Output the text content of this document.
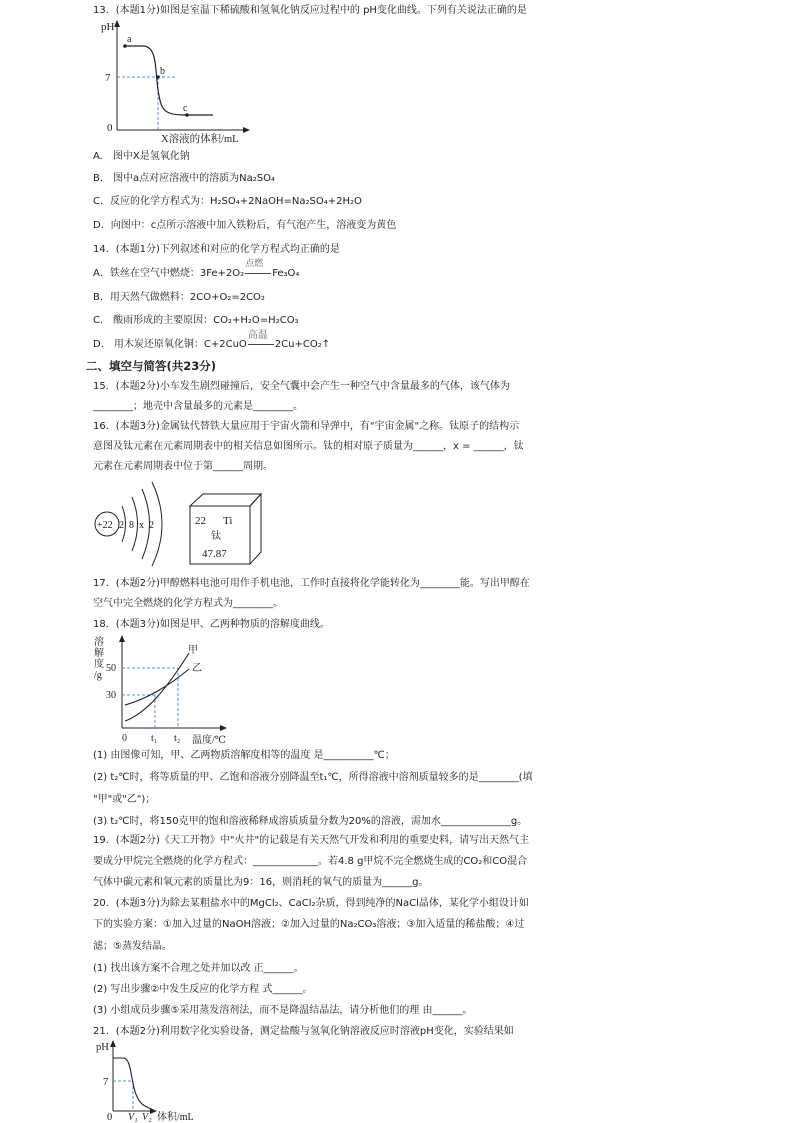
13．(本题1分)如图是室温下稀硫酸和氢氧化钠反应过程中的 pH变化曲线。下列有关说法正确的是
pH
7
0
a
b
c
X溶液的体积/mL
A.　图中X是氢氧化钠
B.　图中a点对应溶液中的溶质为Na₂SO₄
C．反应的化学方程式为：H₂SO₄+2NaOH=Na₂SO₄+2H₂O
D．向图中：c点所示溶液中加入铁粉后，有气泡产生，溶液变为黄色
14．(本题1分)下列叙述和对应的化学方程式均正确的是
A．铁丝在空气中燃烧：3Fe+2O₂
点燃
Fe₃O₄
B．用天然气做燃料：2CO+O₂=2CO₂
C.　酸雨形成的主要原因：CO₂+H₂O=H₂CO₃
D.　用木炭还原氧化铜：C+2CuO
高温
2Cu+CO₂↑
二、填空与简答(共23分)
15．(本题2分)小车发生剧烈碰撞后，安全气囊中会产生一种空气中含量最多的气体，该气体为
________；地壳中含量最多的元素是________。
16．(本题3分)金属钛代替铁大量应用于宇宙火箭和导弹中，有"宇宙金属"之称。钛原子的结构示
意图及钛元素在元素周期表中的相关信息如图所示。钛的相对原子质量为______，x = ______，钛
元素在元素周期表中位于第______周期。
+22 2  8  x  2	22 Ti
钛
47.87
17．(本题2分)甲醇燃料电池可用作手机电池，工作时直接将化学能转化为________能。写出甲醇在
空气中完全燃烧的化学方程式为________。
18．(本题3分)如图是甲、乙两种物质的溶解度曲线。
溶
解
度
/g
50
30
0
甲
乙
t₁ t₂ 温度/℃
(1) 由图像可知，甲、乙两物质溶解度相等的温度 是__________℃；
(2) t₂℃时，将等质量的甲、乙饱和溶液分别降温至t₁℃，所得溶液中溶剂质量较多的是________(填
"甲"或"乙")；
(3) t₂℃时，将150克甲的饱和溶液稀释成溶质质量分数为20%的溶液，需加水______________g。
19．(本题2分)《天工开物》中"火井"的记载是有关天然气开发和利用的重要史料，请写出天然气主
要成分甲烷完全燃烧的化学方程式：_____________。若4.8 g甲烷不完全燃烧生成的CO₂和CO混合
气体中碳元素和氧元素的质量比为9：16，则消耗的氧气的质量为______g。
20．(本题3分)为除去某粗盐水中的MgCl₂、CaCl₂杂质，得到纯净的NaCl晶体，某化学小组设计如
下的实验方案：①加入过量的NaOH溶液；②加入过量的Na₂CO₃溶液；③加入适量的稀盐酸；④过
滤；⑤蒸发结晶。
(1) 找出该方案不合理之处并加以改 正______。
(2) 写出步骤②中发生反应的化学方程 式______。
(3) 小组成员步骤⑤采用蒸发溶剂法，而不是降温结晶法，请分析他们的理 由______。
21．(本题2分)利用数字化实验设备，测定盐酸与氢氧化钠溶液反应时溶液pH变化，实验结果如
pH
7
0 V₁ V₂ 体积/mL
